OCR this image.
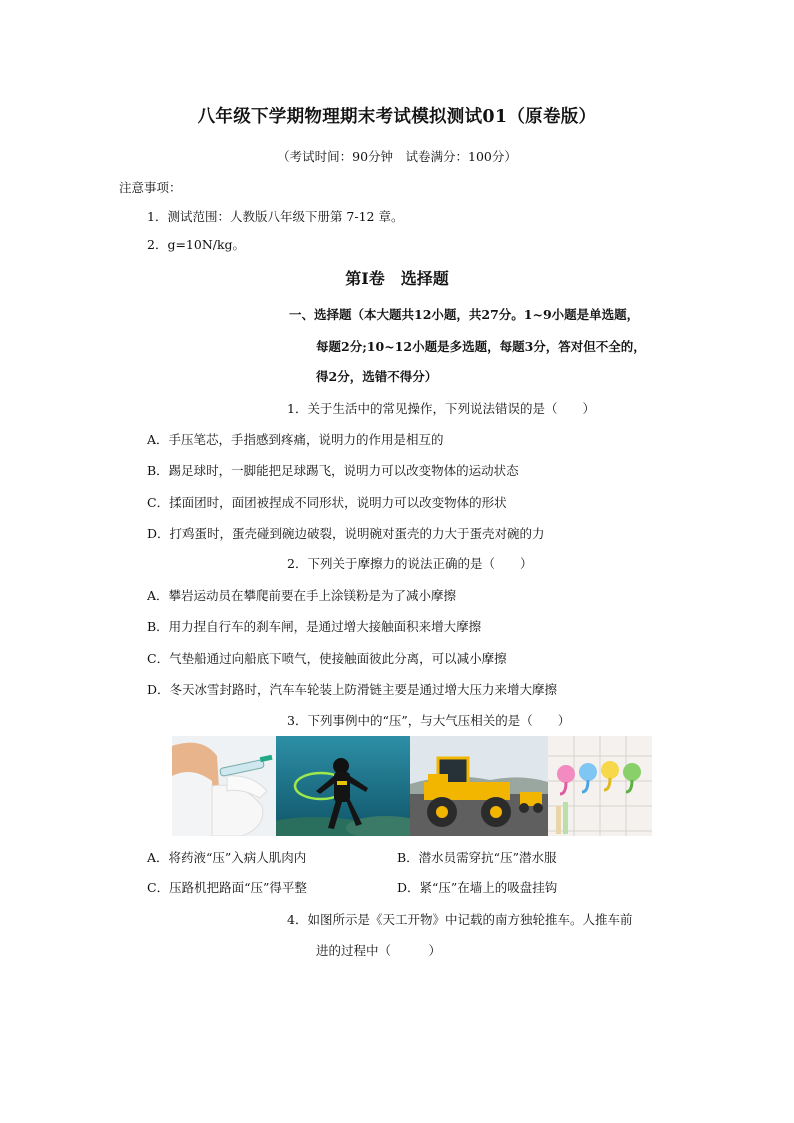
八年级下学期物理期末考试模拟测试01（原卷版）
（考试时间：90分钟　试卷满分：100分）
注意事项：
1．测试范围：人教版八年级下册第 7-12 章。
2．g=10N/kg。
第Ⅰ卷　选择题
一、选择题（本大题共12小题，共27分。1~9小题是单选题，
每题2分;10~12小题是多选题，每题3分，答对但不全的，
得2分，选错不得分）
1．关于生活中的常见操作，下列说法错误的是（　　）
A．手压笔芯，手指感到疼痛，说明力的作用是相互的
B．踢足球时，一脚能把足球踢飞，说明力可以改变物体的运动状态
C．揉面团时，面团被捏成不同形状，说明力可以改变物体的形状
D．打鸡蛋时，蛋壳碰到碗边破裂，说明碗对蛋壳的力大于蛋壳对碗的力
2．下列关于摩擦力的说法正确的是（　　）
A．攀岩运动员在攀爬前要在手上涂镁粉是为了减小摩擦
B．用力捏自行车的刹车闸，是通过增大接触面积来增大摩擦
C．气垫船通过向船底下喷气，使接触面彼此分离，可以减小摩擦
D．冬天冰雪封路时，汽车车轮装上防滑链主要是通过增大压力来增大摩擦
3．下列事例中的“压”，与大气压相关的是（　　）
A．将药液“压”入病人肌肉内	B．潜水员需穿抗“压”潜水服
C．压路机把路面“压”得平整	D．紧“压”在墙上的吸盘挂钩
4．如图所示是《天工开物》中记载的南方独轮推车。人推车前
进的过程中（　　　）
